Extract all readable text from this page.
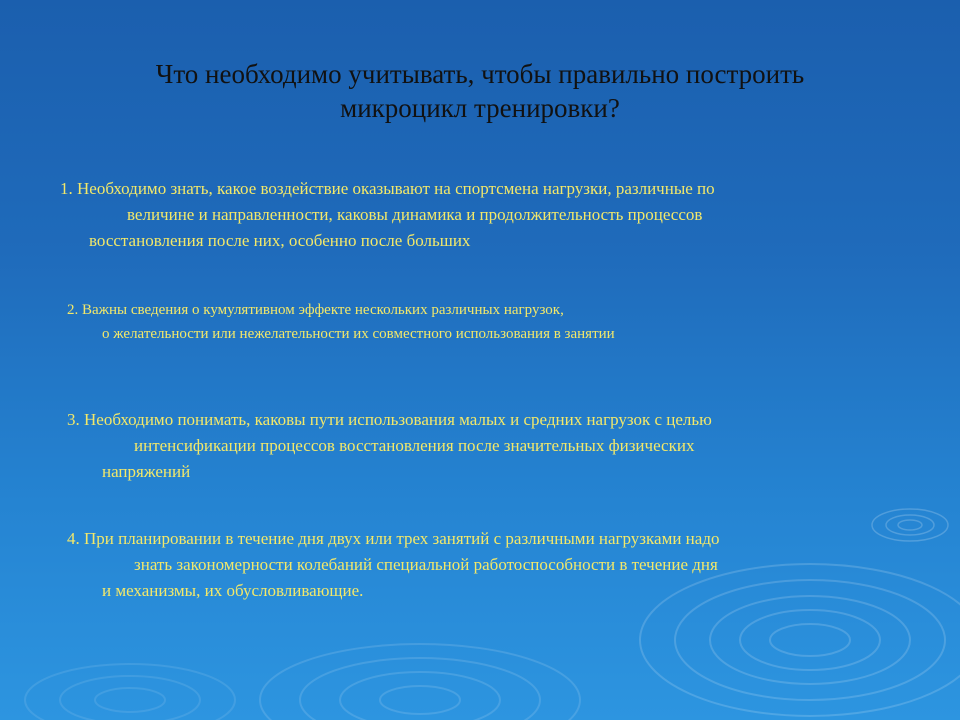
Что необходимо учитывать, чтобы правильно построить
микроцикл тренировки?
1. Необходимо знать, какое воздействие оказывают на спортсмена нагрузки, различные по
величине и направленности, каковы динамика и продолжительность процессов
восстановления после них, особенно после больших
2. Важны сведения о кумулятивном эффекте нескольких различных нагрузок,
о желательности или нежелательности их совместного использования в занятии
3. Необходимо понимать, каковы пути использования малых и средних нагрузок с целью
интенсификации процессов восстановления после значительных физических
напряжений
4. При планировании в течение дня двух или трех занятий с различными нагрузками надо
знать закономерности колебаний специальной работоспособности в течение дня
и механизмы, их обусловливающие.
